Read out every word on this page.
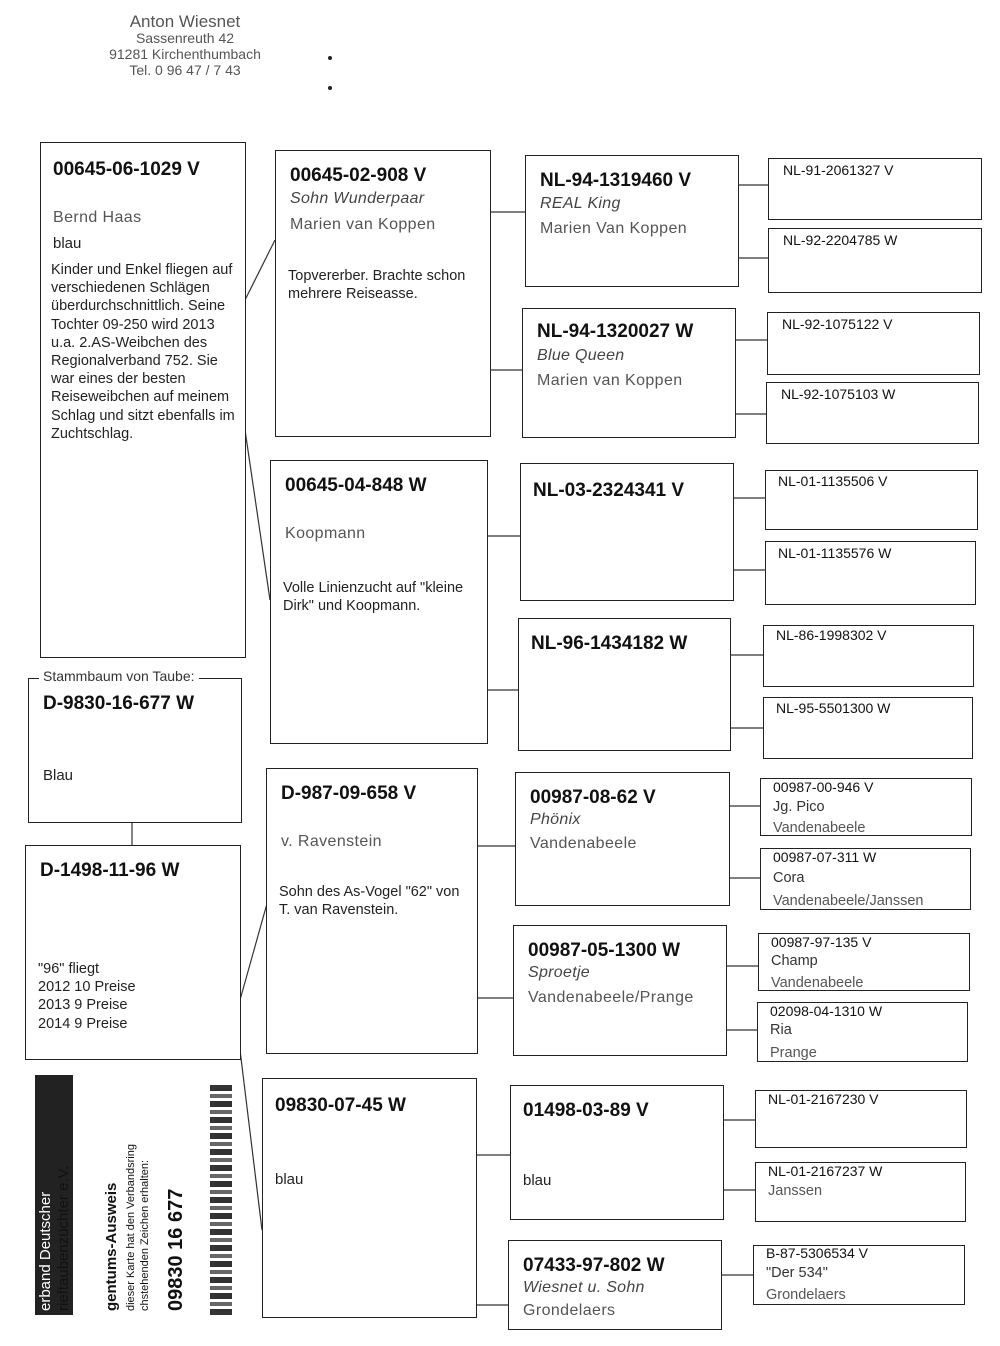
Anton Wiesnet
Sassenreuth 42
91281 Kirchenthumbach
Tel. 0 96 47 / 7 43
00645-06-1029 V
Bernd Haas
blau
Kinder und Enkel fliegen auf verschiedenen Schlägen überdurchschnittlich. Seine Tochter 09-250 wird 2013 u.a. 2.AS-Weibchen des Regionalverband 752. Sie war eines der besten Reiseweibchen auf meinem Schlag und sitzt ebenfalls im Zuchtschlag.
Stammbaum von Taube:
D-9830-16-677 W
Blau
D-1498-11-96 W
"96" fliegt
2012 10 Preise
2013 9 Preise
2014 9 Preise
00645-02-908 V
Sohn Wunderpaar
Marien van Koppen
Topvererber. Brachte schon mehrere Reiseasse.
00645-04-848 W
Koopmann
Volle Linienzucht auf "kleine Dirk" und Koopmann.
D-987-09-658 V
v. Ravenstein
Sohn des As-Vogel "62" von T. van Ravenstein.
09830-07-45 W
blau
NL-94-1319460 V
REAL King
Marien Van Koppen
NL-94-1320027 W
Blue Queen
Marien van Koppen
NL-03-2324341 V
NL-96-1434182 W
00987-08-62 V
Phönix
Vandenabeele
00987-05-1300 W
Sproetje
Vandenabeele/Prange
01498-03-89 V
blau
07433-97-802 W
Wiesnet u. Sohn
Grondelaers
NL-91-2061327 V
NL-92-2204785 W
NL-92-1075122 V
NL-92-1075103 W
NL-01-1135506 V
NL-01-1135576 W
NL-86-1998302 V
NL-95-5501300 W
00987-00-946 V
Jg. Pico
Vandenabeele
00987-07-311 W
Cora
Vandenabeele/Janssen
00987-97-135 V
Champ
Vandenabeele
02098-04-1310 W
Ria
Prange
NL-01-2167230 V
NL-01-2167237 W
Janssen
B-87-5306534 V
"Der 534"
Grondelaers
erband Deutscher rieftaubenzüchter e.V. gentums-Ausweis dieser Karte hat den Verbandsring chstehenden Zeichen erhalten: 09830 16 677
